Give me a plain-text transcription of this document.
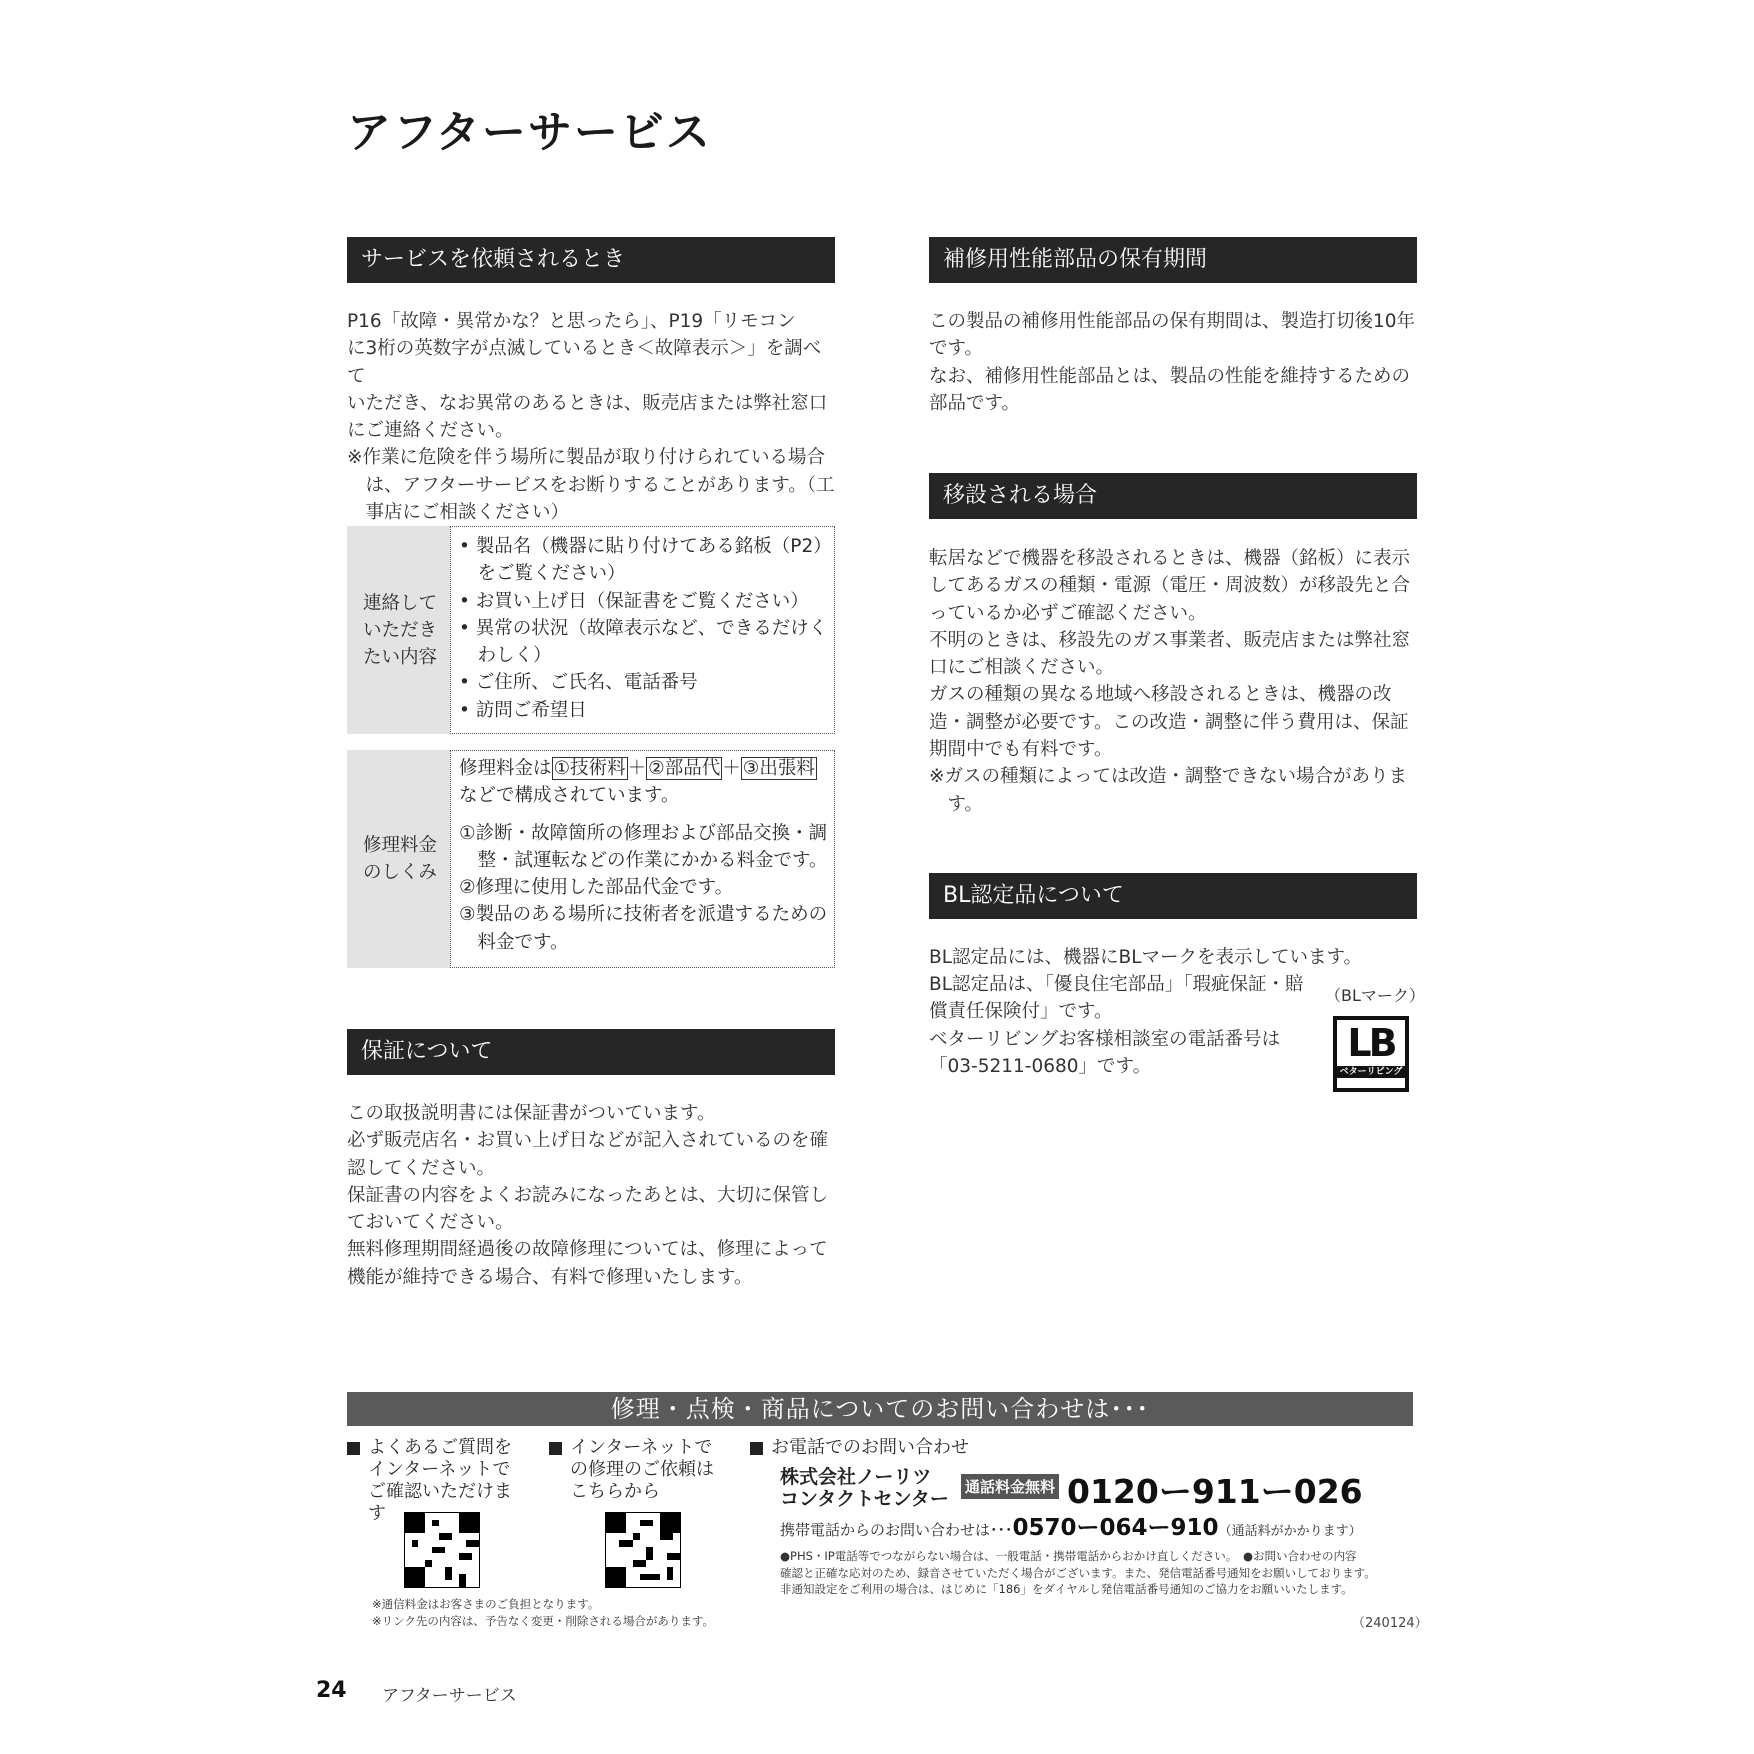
アフターサービス
サービスを依頼されるとき

P16「故障・異常かな？と思ったら」、P19「リモコン

に3桁の英数字が点滅しているとき＜故障表示＞」を調べて

いただき、なお異常のあるときは、販売店または弊社窓口

にご連絡ください。

※作業に危険を伴う場所に製品が取り付けられている場合は、アフターサービスをお断りすることがあります。（工事店にご相談ください）

連絡していただきたい内容
• 製品名（機器に貼り付けてある銘板（P2）をご覧ください）
• お買い上げ日（保証書をご覧ください）
• 異常の状況（故障表示など、できるだけくわしく）
• ご住所、ご氏名、電話番号
• 訪問ご希望日
修理料金のしくみ
修理料金は ①技術料 ＋ ②部品代 ＋ ③出張料
などで構成されています。
①診断・故障箇所の修理および部品交換・調整・試運転などの作業にかかる料金です。
②修理に使用した部品代金です。
③製品のある場所に技術者を派遣するための料金です。
保証について

この取扱説明書には保証書がついています。

必ず販売店名・お買い上げ日などが記入されているのを確認してください。

保証書の内容をよくお読みになったあとは、大切に保管しておいてください。

無料修理期間経過後の故障修理については、修理によって機能が維持できる場合、有料で修理いたします。

補修用性能部品の保有期間

この製品の補修用性能部品の保有期間は、製造打切後10年です。

なお、補修用性能部品とは、製品の性能を維持するための部品です。

移設される場合

転居などで機器を移設されるときは、機器（銘板）に表示してあるガスの種類・電源（電圧・周波数）が移設先と合っているか必ずご確認ください。

不明のときは、移設先のガス事業者、販売店または弊社窓口にご相談ください。

ガスの種類の異なる地域へ移設されるときは、機器の改造・調整が必要です。この改造・調整に伴う費用は、保証期間中でも有料です。

※ガスの種類によっては改造・調整できない場合があります。

BL認定品について
BL認定品には、機器にBLマークを表示しています。

BL認定品は、「優良住宅部品」「瑕疵保証・賠償責任保険付」です。

ベターリビングお客様相談室の電話番号は「03-5211-0680」です。

（BLマーク）
LB
ベターリビング
修理・点検・商品についてのお問い合わせは･･･
よくあるご質問をインターネットでご確認いただけます
インターネットでの修理のご依頼はこちらから
お電話でのお問い合わせ
株式会社ノーリツ
コンタクトセンター
通話料金無料 0120ー911ー026
携帯電話からのお問い合わせは･･･0570ー064ー910（通話料がかかります）
●PHS・IP電話等でつながらない場合は、一般電話・携帯電話からおかけ直しください。　●お問い合わせの内容
確認と正確な応対のため、録音させていただく場合がございます。また、発信電話番号通知をお願いしております。
非通知設定をご利用の場合は、はじめに「186」をダイヤルし発信電話番号通知のご協力をお願いいたします。
※通信料金はお客さまのご負担となります。
※リンク先の内容は、予告なく変更・削除される場合があります。	（240124）
24 アフターサービス
